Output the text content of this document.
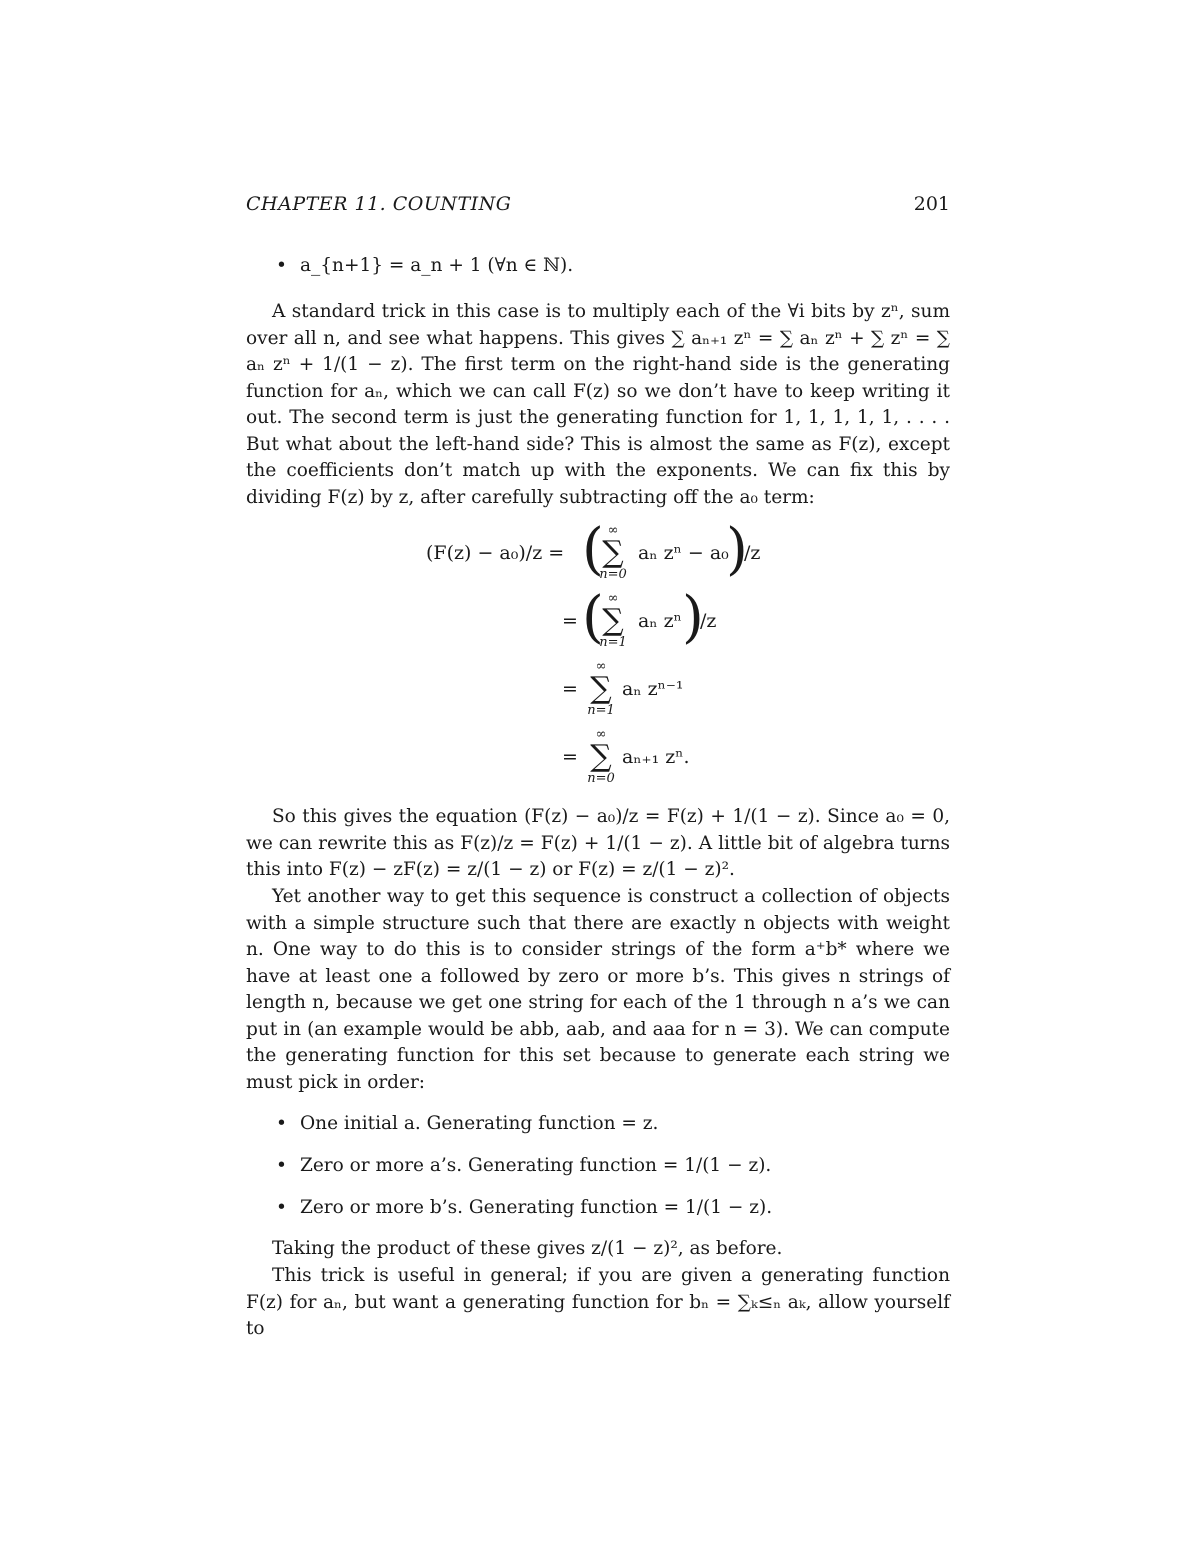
CHAPTER 11. COUNTING	201
• a_{n+1} = a_n + 1 (∀n ∈ ℕ).
A standard trick in this case is to multiply each of the ∀i bits by zⁿ, sum over all n, and see what happens. This gives ∑ aₙ₊₁ zⁿ = ∑ aₙ zⁿ + ∑ zⁿ = ∑ aₙ zⁿ + 1/(1 − z). The first term on the right-hand side is the generating function for aₙ, which we can call F(z) so we don’t have to keep writing it out. The second term is just the generating function for 1, 1, 1, 1, 1, . . . . But what about the left-hand side? This is almost the same as F(z), except the coefficients don’t match up with the exponents. We can fix this by dividing F(z) by z, after carefully subtracting off the a₀ term:
(F(z) − a₀)/z = ( ∞
∑
n=0
aₙ zⁿ − a₀
)
/z
= ( ∞
∑
n=1
aₙ zⁿ )
/z
=
∞
∑
n=1
aₙ zⁿ⁻¹
=
∞
∑
n=0
aₙ₊₁ zⁿ.
So this gives the equation (F(z) − a₀)/z = F(z) + 1/(1 − z). Since a₀ = 0, we can rewrite this as F(z)/z = F(z) + 1/(1 − z). A little bit of algebra turns this into F(z) − zF(z) = z/(1 − z) or F(z) = z/(1 − z)².
Yet another way to get this sequence is construct a collection of objects with a simple structure such that there are exactly n objects with weight n. One way to do this is to consider strings of the form a⁺b* where we have at least one a followed by zero or more b’s. This gives n strings of length n, because we get one string for each of the 1 through n a’s we can put in (an example would be abb, aab, and aaa for n = 3). We can compute the generating function for this set because to generate each string we must pick in order:
• One initial a. Generating function = z.
• Zero or more a’s. Generating function = 1/(1 − z).
• Zero or more b’s. Generating function = 1/(1 − z).
Taking the product of these gives z/(1 − z)², as before.
This trick is useful in general; if you are given a generating function F(z) for aₙ, but want a generating function for bₙ = ∑ₖ≤ₙ aₖ, allow yourself to
